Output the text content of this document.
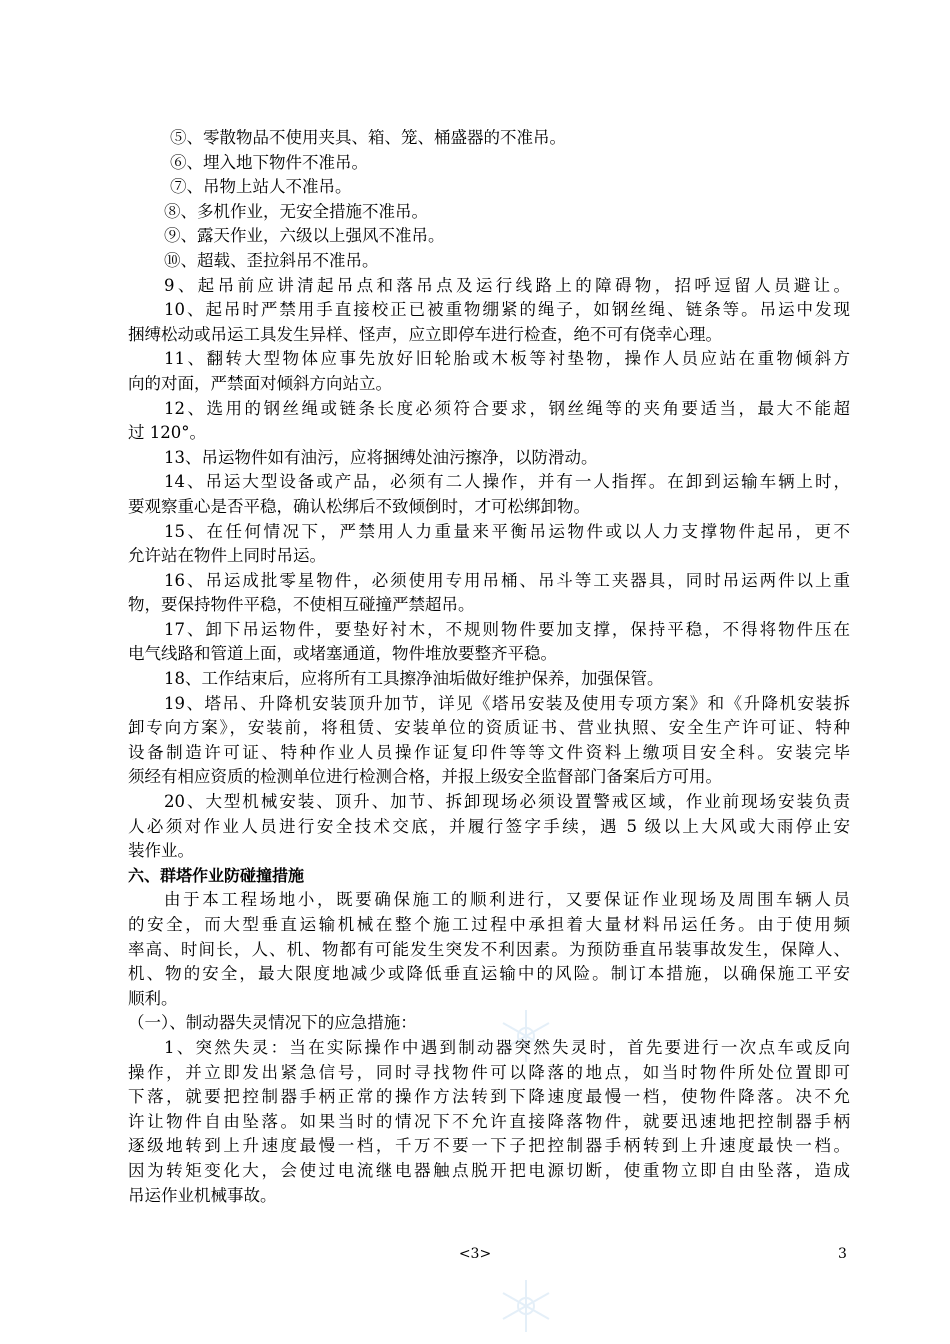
⑤、零散物品不使用夹具、箱、笼、桶盛器的不准吊。
⑥、埋入地下物件不准吊。
⑦、吊物上站人不准吊。
⑧、多机作业，无安全措施不准吊。
⑨、露天作业，六级以上强风不准吊。
⑩、超载、歪拉斜吊不准吊。
9、起吊前应讲清起吊点和落吊点及运行线路上的障碍物，招呼逗留人员避让。
10、起吊时严禁用手直接校正已被重物绷紧的绳子，如钢丝绳、链条等。吊运中发现
捆缚松动或吊运工具发生异样、怪声，应立即停车进行检查，绝不可有侥幸心理。
11、翻转大型物体应事先放好旧轮胎或木板等衬垫物，操作人员应站在重物倾斜方
向的对面，严禁面对倾斜方向站立。
12、选用的钢丝绳或链条长度必须符合要求，钢丝绳等的夹角要适当，最大不能超
过 120°。
13、吊运物件如有油污，应将捆缚处油污擦净，以防滑动。
14、吊运大型设备或产品，必须有二人操作，并有一人指挥。在卸到运输车辆上时，
要观察重心是否平稳，确认松绑后不致倾倒时，才可松绑卸物。
15、在任何情况下，严禁用人力重量来平衡吊运物件或以人力支撑物件起吊，更不
允许站在物件上同时吊运。
16、吊运成批零星物件，必须使用专用吊桶、吊斗等工夹器具，同时吊运两件以上重
物，要保持物件平稳，不使相互碰撞严禁超吊。
17、卸下吊运物件，要垫好衬木，不规则物件要加支撑，保持平稳，不得将物件压在
电气线路和管道上面，或堵塞通道，物件堆放要整齐平稳。
18、工作结束后，应将所有工具擦净油垢做好维护保养，加强保管。
19、塔吊、升降机安装顶升加节，详见《塔吊安装及使用专项方案》和《升降机安装拆
卸专向方案》，安装前，将租赁、安装单位的资质证书、营业执照、安全生产许可证、特种
设备制造许可证、特种作业人员操作证复印件等等文件资料上缴项目安全科。安装完毕
须经有相应资质的检测单位进行检测合格，并报上级安全监督部门备案后方可用。
20、大型机械安装、顶升、加节、拆卸现场必须设置警戒区域，作业前现场安装负责
人必须对作业人员进行安全技术交底，并履行签字手续，遇 5 级以上大风或大雨停止安
装作业。
六、群塔作业防碰撞措施
由于本工程场地小，既要确保施工的顺利进行，又要保证作业现场及周围车辆人员
的安全，而大型垂直运输机械在整个施工过程中承担着大量材料吊运任务。由于使用频
率高、时间长，人、机、物都有可能发生突发不利因素。为预防垂直吊装事故发生，保障人、
机、物的安全，最大限度地减少或降低垂直运输中的风险。制订本措施，以确保施工平安
顺利。
（一）、制动器失灵情况下的应急措施：
1、突然失灵：当在实际操作中遇到制动器突然失灵时，首先要进行一次点车或反向
操作，并立即发出紧急信号，同时寻找物件可以降落的地点，如当时物件所处位置即可
下落，就要把控制器手柄正常的操作方法转到下降速度最慢一档，使物件降落。决不允
许让物件自由坠落。如果当时的情况下不允许直接降落物件，就要迅速地把控制器手柄
逐级地转到上升速度最慢一档，千万不要一下子把控制器手柄转到上升速度最快一档。
因为转矩变化大，会使过电流继电器触点脱开把电源切断，使重物立即自由坠落，造成
吊运作业机械事故。
<3>	3
